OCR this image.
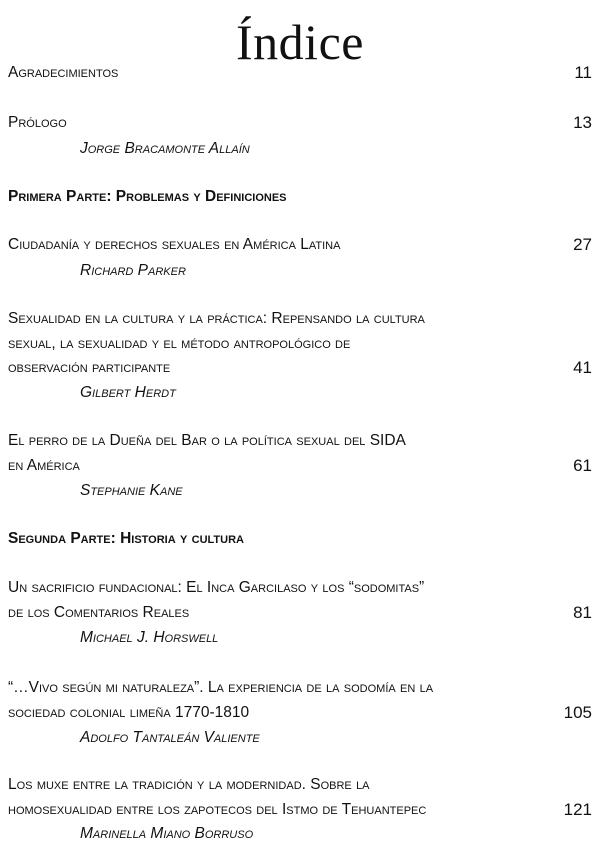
Índice
Agradecimientos	11
Prólogo	13
Jorge Bracamonte Allaín
Primera Parte: Problemas y Definiciones
Ciudadanía y derechos sexuales en América Latina	27
Richard Parker
Sexualidad en la cultura y la práctica: Repensando la cultura
sexual, la sexualidad y el método antropológico de
observación participante	41
Gilbert Herdt
El perro de la Dueña del Bar o la política sexual del SIDA
en América	61
Stephanie Kane
Segunda Parte: Historia y cultura
Un sacrificio fundacional: El Inca Garcilaso y los “sodomitas”
de los Comentarios Reales	81
Michael J. Horswell
“…Vivo según mi naturaleza”. La experiencia de la sodomía en la
sociedad colonial limeña 1770-1810	105
Adolfo Tantaleán Valiente
Los muxe entre la tradición y la modernidad. Sobre la
homosexualidad entre los zapotecos del Istmo de Tehuantepec	121
Marinella Miano Borruso
